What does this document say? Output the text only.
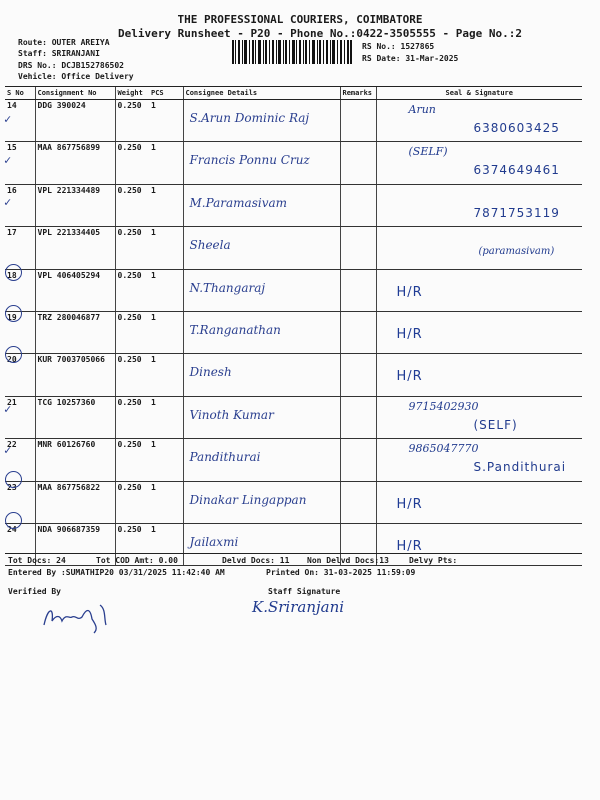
THE PROFESSIONAL COURIERS, COIMBATORE
Delivery Runsheet - P20 - Phone No.:0422-3505555 - Page No.:2
Route: OUTER AREIYA
Staff: SRIRANJANI
DRS No.: DCJB152786502
Vehicle: Office Delivery
RS No.: 1527865
RS Date: 31-Mar-2025
S No	Consignment No	Weight	PCS	Consignee Details	Remarks	Seal & Signature
14	DDG 390024	0.250	1	S.Arun Dominic Raj		Arun
6380603425

15	MAA 867756899	0.250	1	Francis Ponnu Cruz		(SELF)
6374649461

16	VPL 221334489	0.250	1	M.Paramasivam		7871753119

17	VPL 221334405	0.250	1	Sheela		(paramasivam)

18	VPL 406405294	0.250	1	N.Thangaraj		H/R

19	TRZ 280046877	0.250	1	T.Ranganathan		H/R

20	KUR 7003705066	0.250	1	Dinesh		H/R

21	TCG 10257360	0.250	1	Vinoth Kumar		9715402930
(SELF)

22	MNR 60126760	0.250	1	Pandithurai		9865047770
S.Pandithurai

23	MAA 867756822	0.250	1	Dinakar Lingappan		H/R

24	NDA 906687359	0.250	1	Jailaxmi		H/R
Tot Docs: 24	Tot COD Amt: 0.00	Delvd Docs: 11 Non Delvd Docs:13	Delvy Pts:
Entered By :SUMATHIP20 03/31/2025 11:42:40 AM	Printed On: 31-03-2025 11:59:09
Verified By	Staff Signature
K.Sriranjani
✓
✓
✓
✓
✓
